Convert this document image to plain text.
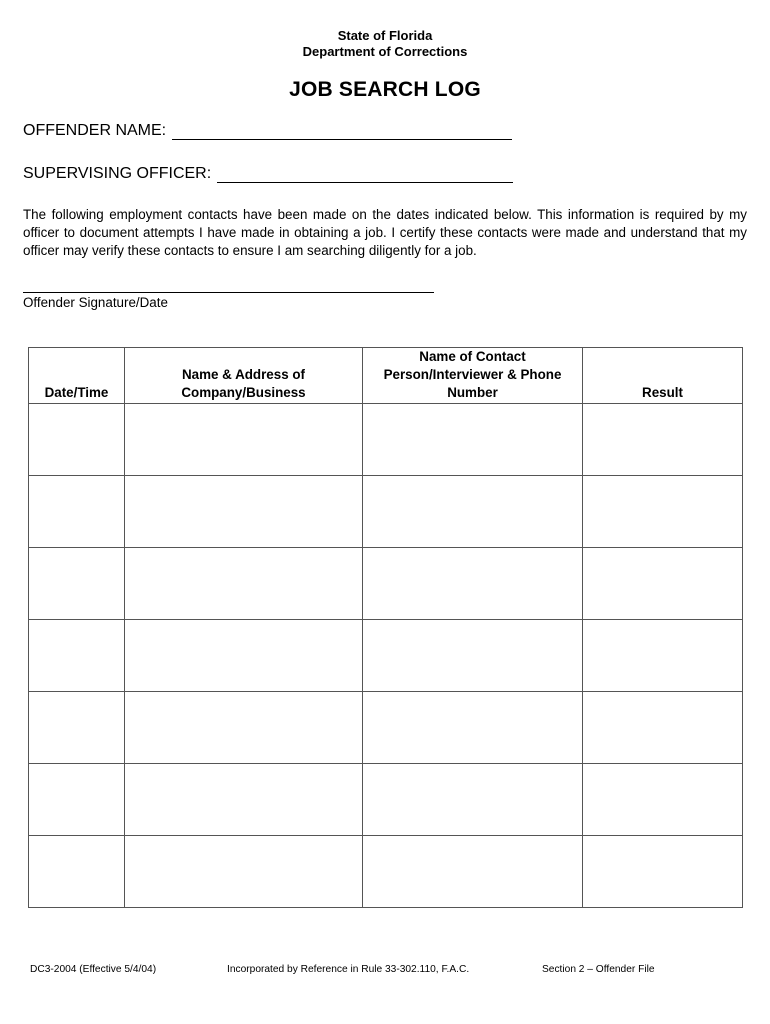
State of Florida
Department of Corrections
JOB SEARCH LOG
OFFENDER NAME:
SUPERVISING OFFICER:
The following employment contacts have been made on the dates indicated below. This information is required by my officer to document attempts I have made in obtaining a job. I certify these contacts were made and understand that my officer may verify these contacts to ensure I am searching diligently for a job.
Offender Signature/Date
Date/Time	Name & Address of Company/Business	Name of Contact Person/Interviewer & Phone Number	Result

DC3-2004 (Effective 5/4/04)	Incorporated by Reference in Rule 33-302.110, F.A.C.	Section 2 – Offender File
